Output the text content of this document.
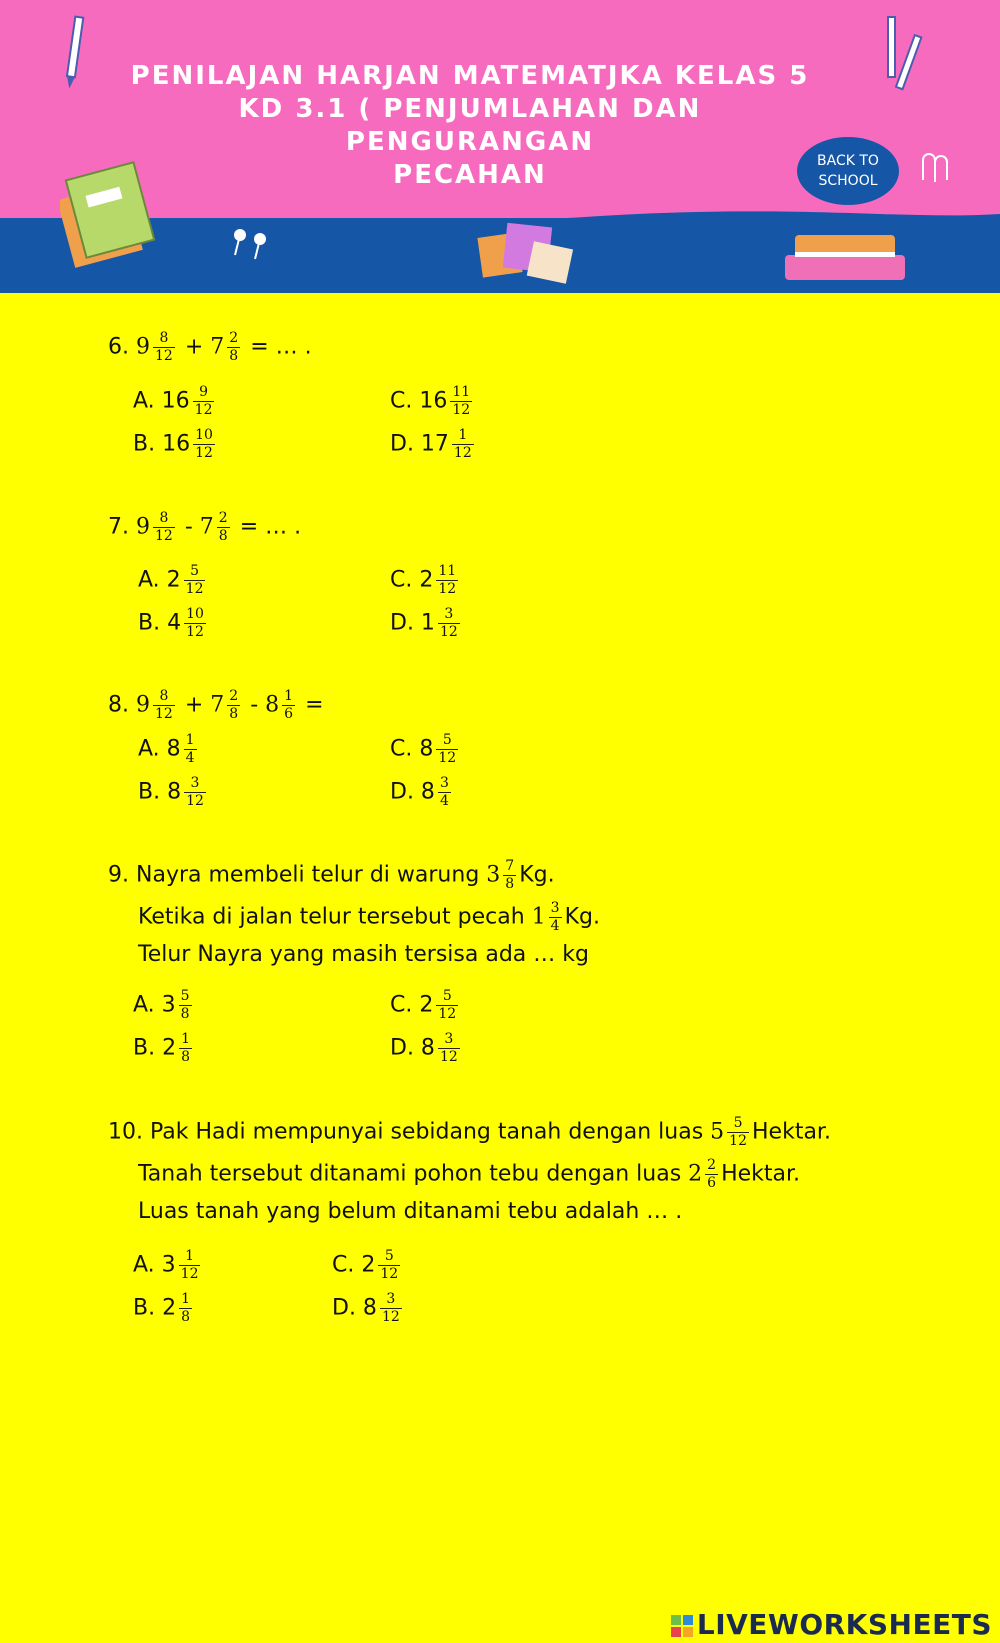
PENILAJAN HARJAN MATEMATJKA KELAS 5
KD 3.1 ( PENJUMLAHAN DAN PENGURANGAN
PECAHAN	BACK TO
SCHOOL
6. $9 \frac{8}{12} + 7 \frac{2}{8}$ = … .
A. $16 \frac{9}{12}$
B. $16 \frac{10}{12}$
C. $16 \frac{11}{12}$
D. $17 \frac{1}{12}$
7. $9 \frac{8}{12} - 7 \frac{2}{8}$ = … .
A. $2 \frac{5}{12}$
B. $4 \frac{10}{12}$
C. $2 \frac{11}{12}$
D. $1 \frac{3}{12}$
8. $9 \frac{8}{12} + 7 \frac{2}{8} - 8 \frac{1}{6}$ =
A. $8 \frac{1}{4}$
B. $8 \frac{3}{12}$
C. $8 \frac{5}{12}$
D. $8 \frac{3}{4}$
9. Nayra membeli telur di warung $3 \frac{7}{8} Kg$.
Ketika di jalan telur tersebut pecah $1 \frac{3}{4} Kg$.
Telur Nayra yang masih tersisa ada … kg
A. $3 \frac{5}{8}$
B. $2 \frac{1}{8}$
C. $2 \frac{5}{12}$
D. $8 \frac{3}{12}$
10. Pak Hadi mempunyai sebidang tanah dengan luas $5 \frac{5}{12}$ Hektar.
Tanah tersebut ditanami pohon tebu dengan luas $2 \frac{2}{6}$ Hektar.
Luas tanah yang belum ditanami tebu adalah … .
A. $3 \frac{1}{12}$
B. $2 \frac{1}{8}$
C. $2 \frac{5}{12}$
D. $8 \frac{3}{12}$
LIVEWORKSHEETS
